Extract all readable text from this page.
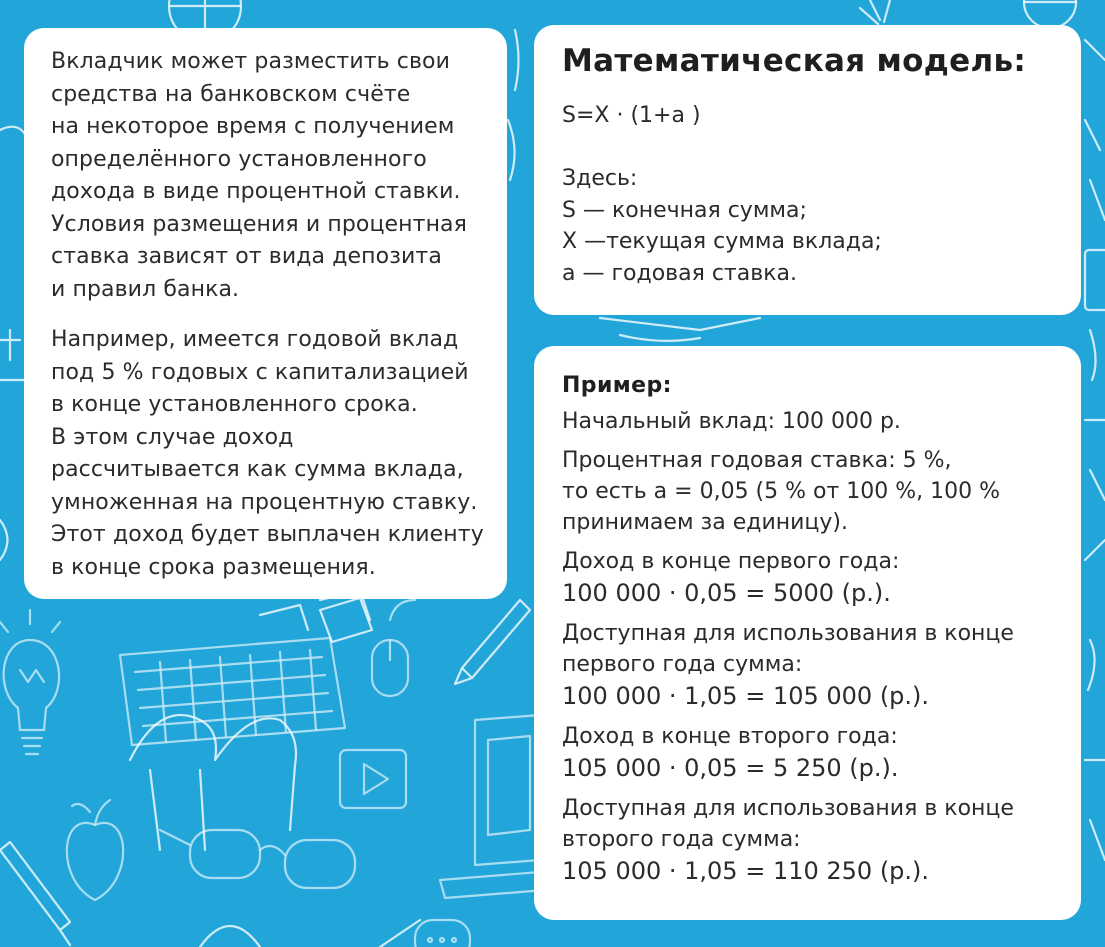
Вкладчик может разместить свои
средства на банковском счёте
на некоторое время с получением
определённого установленного
дохода в виде процентной ставки.
Условия размещения и процентная
ставка зависят от вида депозита
и правил банка.

Например, имеется годовой вклад
под 5 % годовых с капитализацией
в конце установленного срока.
В этом случае доход
рассчитывается как сумма вклада,
умноженная на процентную ставку.
Этот доход будет выплачен клиенту
в конце срока размещения.

Математическая модель:
S=X · (1+a )
Здесь:
S — конечная сумма;
X —текущая сумма вклада;
a — годовая ставка.
Пример:
Начальный вклад: 100 000 р.
Процентная годовая ставка: 5 %,
то есть a = 0,05 (5 % от 100 %, 100 %
принимаем за единицу).
Доход в конце первого года:
100 000 · 0,05 = 5000 (р.).
Доступная для использования в конце
первого года сумма:
100 000 · 1,05 = 105 000 (р.).
Доход в конце второго года:
105 000 · 0,05 = 5 250 (р.).
Доступная для использования в конце
второго года сумма:
105 000 · 1,05 = 110 250 (р.).
